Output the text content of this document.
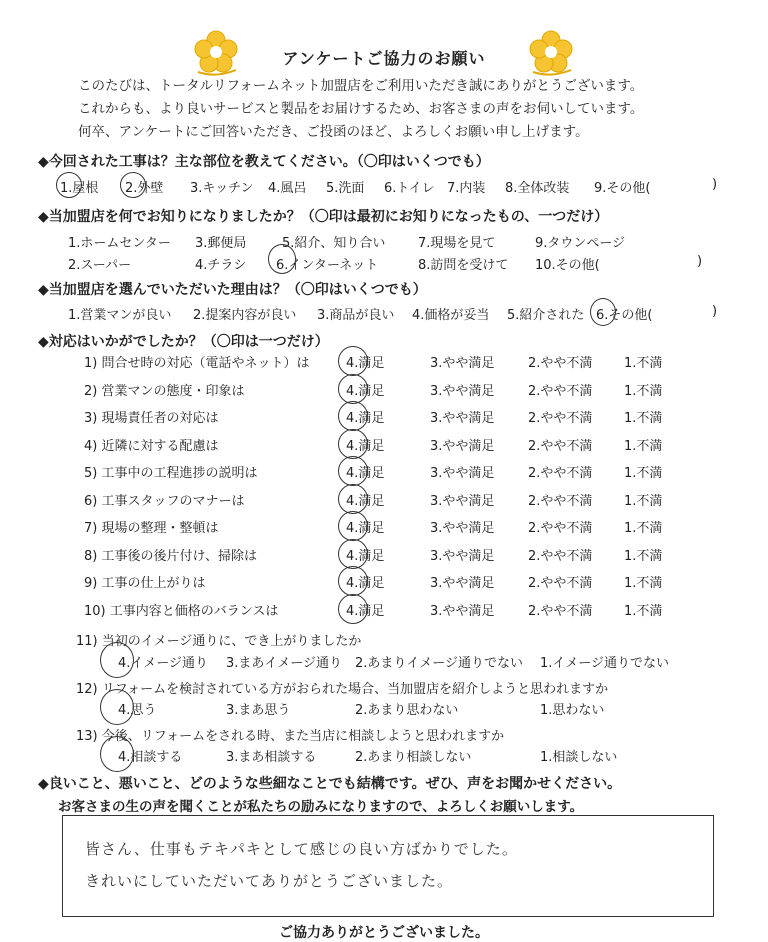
アンケートご協力のお願い
このたびは、トータルリフォームネット加盟店をご利用いただき誠にありがとうございます。
これからも、より良いサービスと製品をお届けするため、お客さまの声をお伺いしています。
何卒、アンケートにご回答いただき、ご投函のほど、よろしくお願い申し上げます。
◆今回された工事は？主な部位を教えてください。（〇印はいくつでも）
1.屋根 2.外壁 3.キッチン 4.風呂 5.洗面 6.トイレ 7.内装 8.全体改装 9.その他(	)
◆当加盟店を何でお知りになりましたか？（〇印は最初にお知りになったもの、一つだけ）
1.ホームセンター 3.郵便局	5.紹介、知り合い	7.現場を見て	9.タウンページ
2.スーパー	4.チラシ 6.インターネット	8.訪問を受けて 10.その他(	)
◆当加盟店を選んでいただいた理由は？（〇印はいくつでも）
1.営業マンが良い 2.提案内容が良い 3.商品が良い 4.価格が妥当 5.紹介された 6.その他(	)
◆対応はいかがでしたか？（〇印は一つだけ）
1) 問合せ時の対応（電話やネット）は	4.満足	3.やや満足	2.やや不満 1.不満
2) 営業マンの態度・印象は	4.満足	3.やや満足	2.やや不満 1.不満
3) 現場責任者の対応は	4.満足	3.やや満足	2.やや不満 1.不満
4) 近隣に対する配慮は	4.満足	3.やや満足	2.やや不満 1.不満
5) 工事中の工程進捗の説明は	4.満足	3.やや満足	2.やや不満 1.不満
6) 工事スタッフのマナーは	4.満足	3.やや満足	2.やや不満 1.不満
7) 現場の整理・整頓は	4.満足	3.やや満足	2.やや不満 1.不満
8) 工事後の後片付け、掃除は	4.満足	3.やや満足	2.やや不満 1.不満
9) 工事の仕上がりは	4.満足	3.やや満足	2.やや不満 1.不満
10) 工事内容と価格のバランスは	4.満足	3.やや満足	2.やや不満 1.不満
11) 当初のイメージ通りに、でき上がりましたか
4.イメージ通り 3.まあイメージ通り 2.あまりイメージ通りでない 1.イメージ通りでない
12) リフォームを検討されている方がおられた場合、当加盟店を紹介しようと思われますか
4.思う	3.まあ思う	2.あまり思わない	1.思わない
13) 今後、リフォームをされる時、また当店に相談しようと思われますか
4.相談する	3.まあ相談する	2.あまり相談しない	1.相談しない
◆良いこと、悪いこと、どのような些細なことでも結構です。ぜひ、声をお聞かせください。
お客さまの生の声を聞くことが私たちの励みになりますので、よろしくお願いします。
皆さん、仕事もテキパキとして感じの良い方ばかりでした。
きれいにしていただいてありがとうございました。
ご協力ありがとうございました。
